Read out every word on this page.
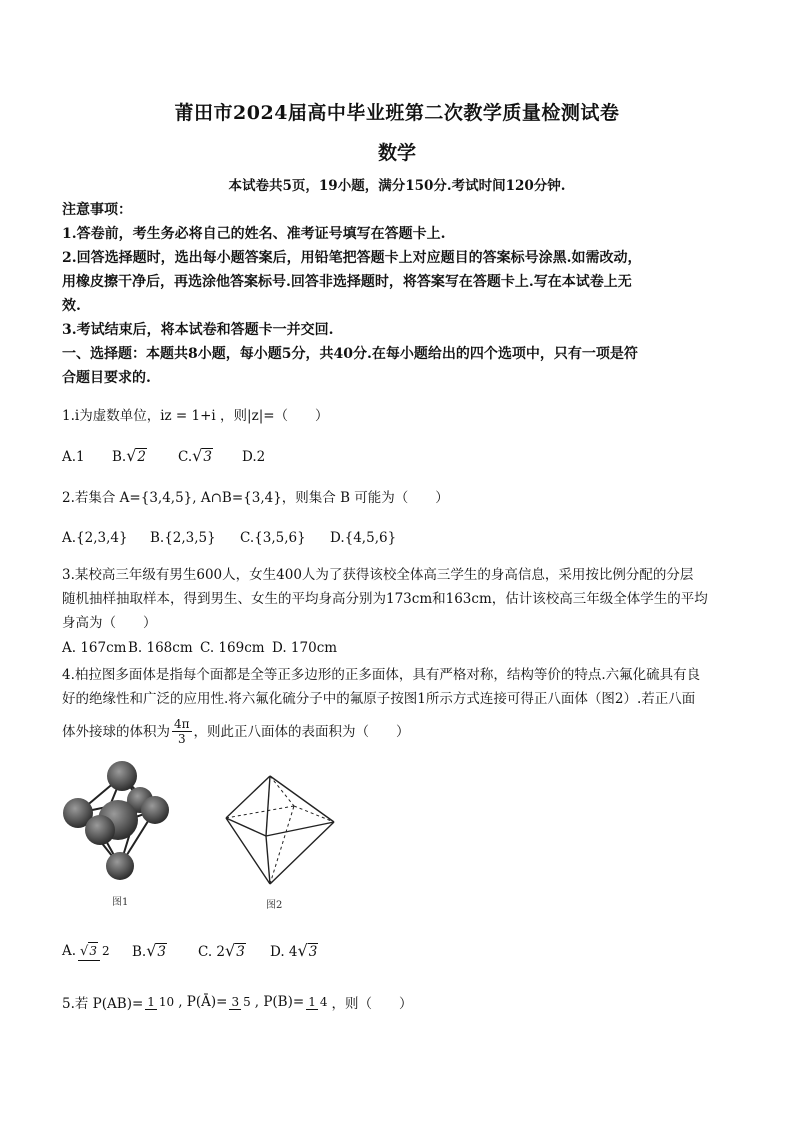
莆田市2024届高中毕业班第二次教学质量检测试卷
数学
本试卷共5页，19小题，满分150分.考试时间120分钟.
注意事项：
1.答卷前，考生务必将自己的姓名、准考证号填写在答题卡上.
2.回答选择题时，选出每小题答案后，用铅笔把答题卡上对应题目的答案标号涂黑.如需改动，
用橡皮擦干净后，再选涂他答案标号.回答非选择题时，将答案写在答题卡上.写在本试卷上无
效.
3.考试结束后，将本试卷和答题卡一并交回.
一、选择题：本题共8小题，每小题5分，共40分.在每小题给出的四个选项中，只有一项是符
合题目要求的.
1.i为虚数单位，iz = 1+i ，则|z|=（　　）
A.1	B.√2	C.√3	D.2
2.若集合 A={3,4,5}, A∩B={3,4}，则集合 B 可能为（　　）
A.{2,3,4}	B.{2,3,5}	C.{3,5,6}	D.{4,5,6}
3.某校高三年级有男生600人，女生400人为了获得该校全体高三学生的身高信息，采用按比例分配的分层
随机抽样抽取样本，得到男生、女生的平均身高分别为173cm和163cm，估计该校高三年级全体学生的平均
身高为（　　）
A. 167cm B. 168cm C. 169cm D. 170cm
4.柏拉图多面体是指每个面都是全等正多边形的正多面体，具有严格对称，结构等价的特点.六氟化硫具有良
好的绝缘性和广泛的应用性.将六氟化硫分子中的氟原子按图1所示方式连接可得正八面体（图2）.若正八面
体外接球的体积为 $\frac{4\pi}{3}$ ，则此正八面体的表面积为（　　）
图1	图2
A. √3 2 B.√3	C. 2√3	D. 4√3
5.若 P(AB)= 1 10 , P(Ā)= 3 5 , P(B)= 1 4 ，则（　　）
